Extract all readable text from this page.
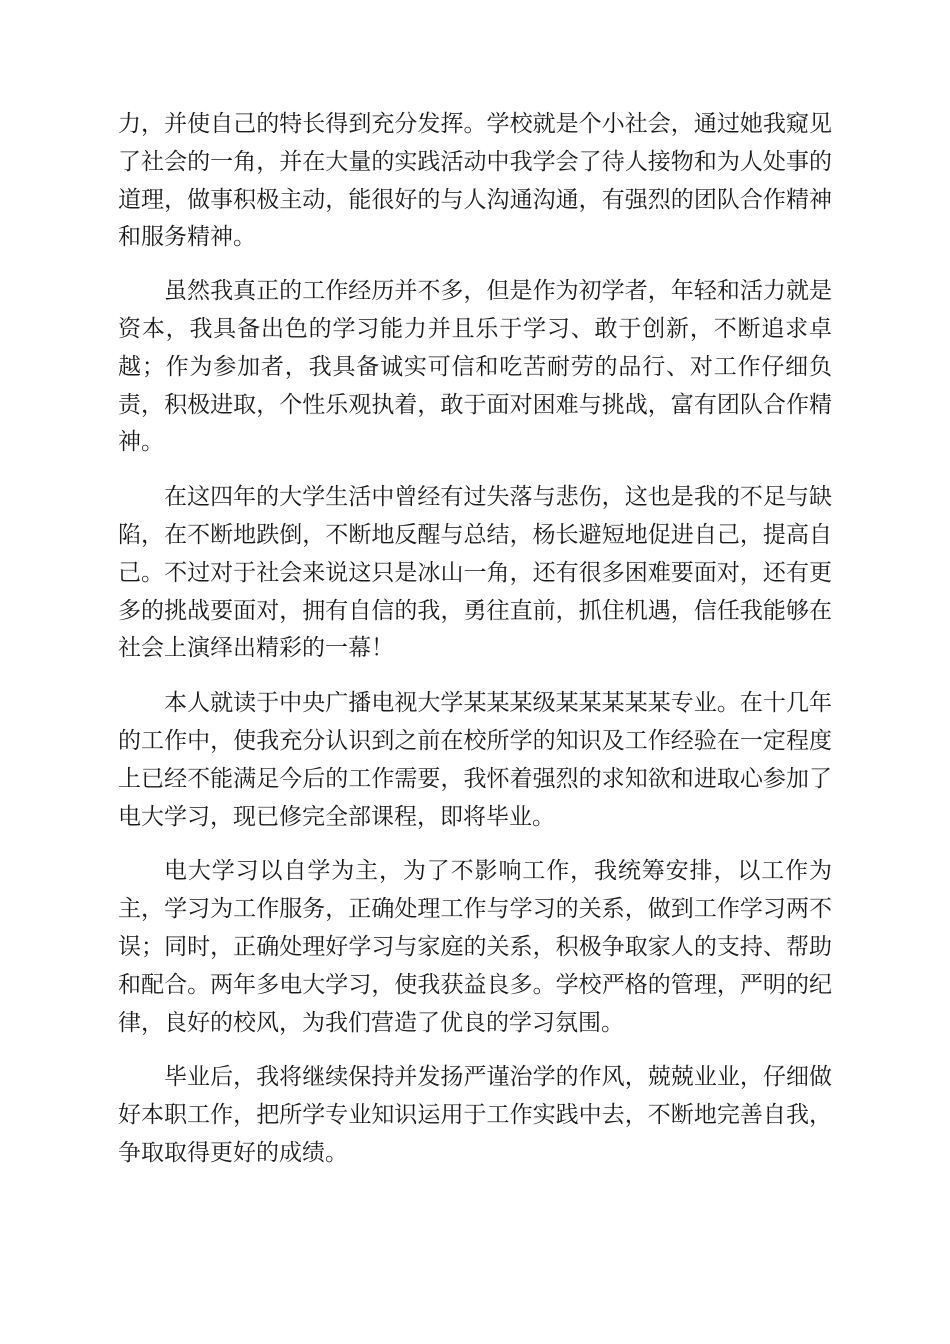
力，并使自己的特长得到充分发挥。学校就是个小社会，通过她我窥见了社会的一角，并在大量的实践活动中我学会了待人接物和为人处事的道理，做事积极主动，能很好的与人沟通沟通，有强烈的团队合作精神和服务精神。

虽然我真正的工作经历并不多，但是作为初学者，年轻和活力就是资本，我具备出色的学习能力并且乐于学习、敢于创新，不断追求卓越；作为参加者，我具备诚实可信和吃苦耐劳的品行、对工作仔细负责，积极进取，个性乐观执着，敢于面对困难与挑战，富有团队合作精神。

在这四年的大学生活中曾经有过失落与悲伤，这也是我的不足与缺陷，在不断地跌倒，不断地反醒与总结，杨长避短地促进自己，提高自己。不过对于社会来说这只是冰山一角，还有很多困难要面对，还有更多的挑战要面对，拥有自信的我，勇往直前，抓住机遇，信任我能够在社会上演绎出精彩的一幕！

本人就读于中央广播电视大学某某某级某某某某某专业。在十几年的工作中，使我充分认识到之前在校所学的知识及工作经验在一定程度上已经不能满足今后的工作需要，我怀着强烈的求知欲和进取心参加了电大学习，现已修完全部课程，即将毕业。

电大学习以自学为主，为了不影响工作，我统筹安排，以工作为主，学习为工作服务，正确处理工作与学习的关系，做到工作学习两不误；同时，正确处理好学习与家庭的关系，积极争取家人的支持、帮助和配合。两年多电大学习，使我获益良多。学校严格的管理，严明的纪律，良好的校风，为我们营造了优良的学习氛围。

毕业后，我将继续保持并发扬严谨治学的作风，兢兢业业，仔细做好本职工作，把所学专业知识运用于工作实践中去，不断地完善自我，争取取得更好的成绩。
